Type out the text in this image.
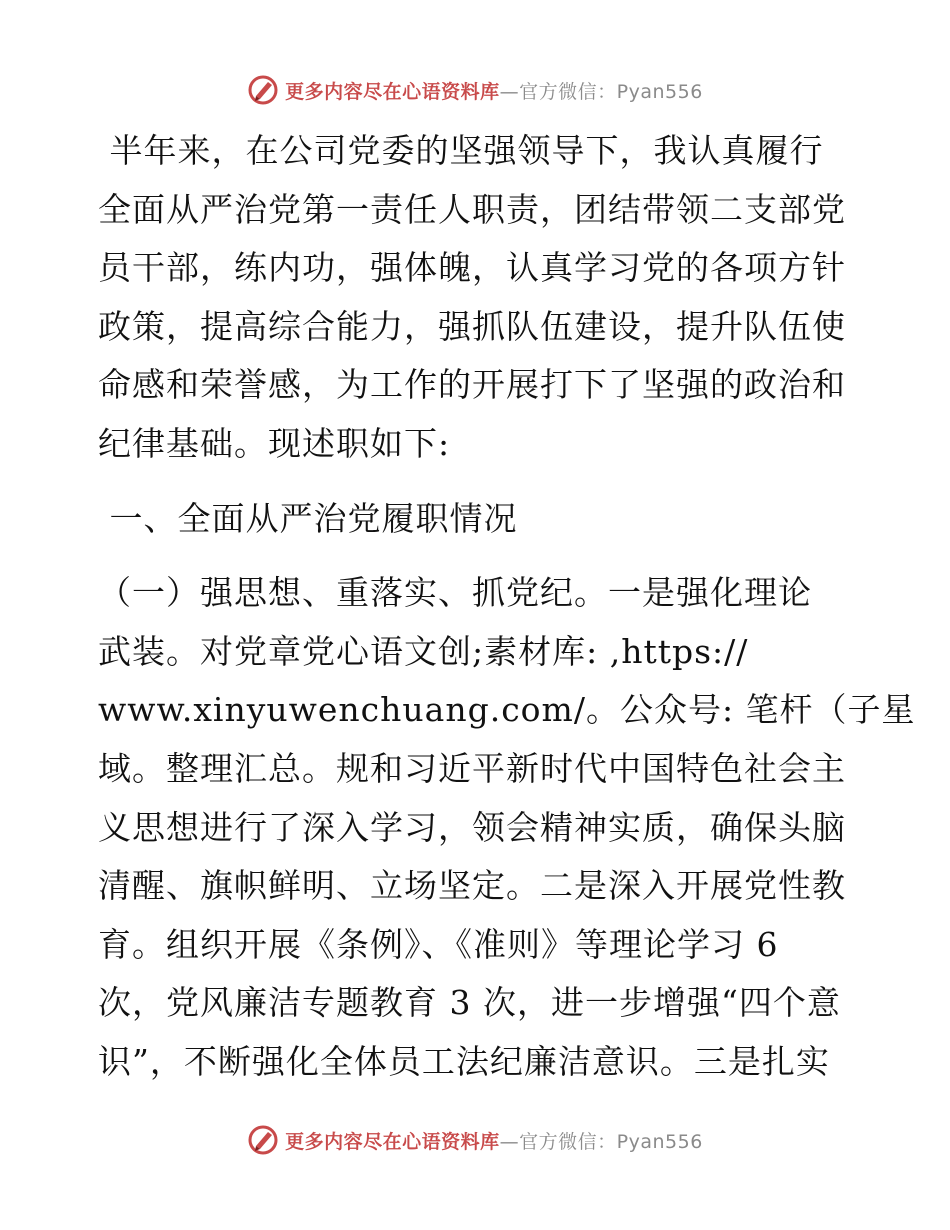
更多内容尽在心语资料库—官方微信：Pyan556
半年来，在公司党委的坚强领导下，我认真履行
全面从严治党第一责任人职责，团结带领二支部党
员干部，练内功，强体魄，认真学习党的各项方针
政策，提高综合能力，强抓队伍建设，提升队伍使
命感和荣誉感，为工作的开展打下了坚强的政治和
纪律基础。现述职如下:
一、全面从严治党履职情况
（一）强思想、重落实、抓党纪。一是强化理论
武装。对党章党心语文创;素材库: ,https://
www.xinyuwenchuang.com/。公众号: 笔杆（子星
域。整理汇总。规和习近平新时代中国特色社会主
义思想进行了深入学习，领会精神实质，确保头脑
清醒、旗帜鲜明、立场坚定。二是深入开展党性教
育。组织开展《条例》、《准则》等理论学习 6
次，党风廉洁专题教育 3 次，进一步增强“四个意
识”，不断强化全体员工法纪廉洁意识。三是扎实
更多内容尽在心语资料库—官方微信：Pyan556
